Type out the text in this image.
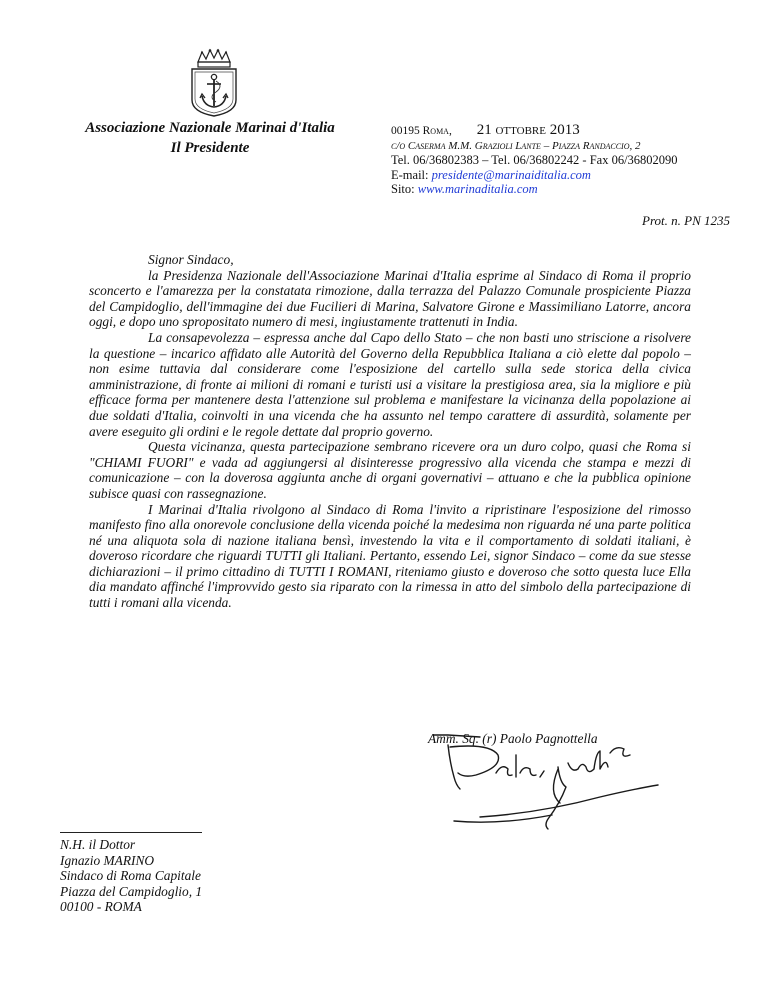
Associazione Nazionale Marinai d'Italia
Il Presidente
00195 Roma, 21 ottobre 2013
c/o Caserma M.M. Grazioli Lante – Piazza Randaccio, 2
Tel. 06/36802383 – Tel. 06/36802242 - Fax 06/36802090
E-mail: presidente@marinaiditalia.com
Sito: www.marinaditalia.com
Prot. n. PN 1235

Signor Sindaco,

la Presidenza Nazionale dell'Associazione Marinai d'Italia esprime al Sindaco di Roma il proprio sconcerto e l'amarezza per la constatata rimozione, dalla terrazza del Palazzo Comunale prospiciente Piazza del Campidoglio, dell'immagine dei due Fucilieri di Marina, Salvatore Girone e Massimiliano Latorre, ancora oggi, e dopo uno spropositato numero di mesi, ingiustamente trattenuti in India.

La consapevolezza – espressa anche dal Capo dello Stato – che non basti uno striscione a risolvere la questione – incarico affidato alle Autorità del Governo della Repubblica Italiana a ciò elette dal popolo – non esime tuttavia dal considerare come l'esposizione del cartello sulla sede storica della civica amministrazione, di fronte ai milioni di romani e turisti usi a visitare la prestigiosa area, sia la migliore e più efficace forma per mantenere desta l'attenzione sul problema e manifestare la vicinanza della popolazione ai due soldati d'Italia, coinvolti in una vicenda che ha assunto nel tempo carattere di assurdità, solamente per avere eseguito gli ordini e le regole dettate dal proprio governo.

Questa vicinanza, questa partecipazione sembrano ricevere ora un duro colpo, quasi che Roma si "CHIAMI FUORI" e vada ad aggiungersi al disinteresse progressivo alla vicenda che stampa e mezzi di comunicazione – con la doverosa aggiunta anche di organi governativi – attuano e che la pubblica opinione subisce quasi con rassegnazione.

I Marinai d'Italia rivolgono al Sindaco di Roma l'invito a ripristinare l'esposizione del rimosso manifesto fino alla onorevole conclusione della vicenda poiché la medesima non riguarda né una parte politica né una aliquota sola di nazione italiana bensì, investendo la vita e il comportamento di soldati italiani, è doveroso ricordare che riguardi TUTTI gli Italiani. Pertanto, essendo Lei, signor Sindaco – come da sue stesse dichiarazioni – il primo cittadino di TUTTI I ROMANI, riteniamo giusto e doveroso che sotto questa luce Ella dia mandato affinché l'improvvido gesto sia riparato con la rimessa in atto del simbolo della partecipazione di tutti i romani alla vicenda.

Amm. Sq. (r) Paolo Pagnottella
N.H. il Dottor
Ignazio MARINO
Sindaco di Roma Capitale
Piazza del Campidoglio, 1
00100 - ROMA
